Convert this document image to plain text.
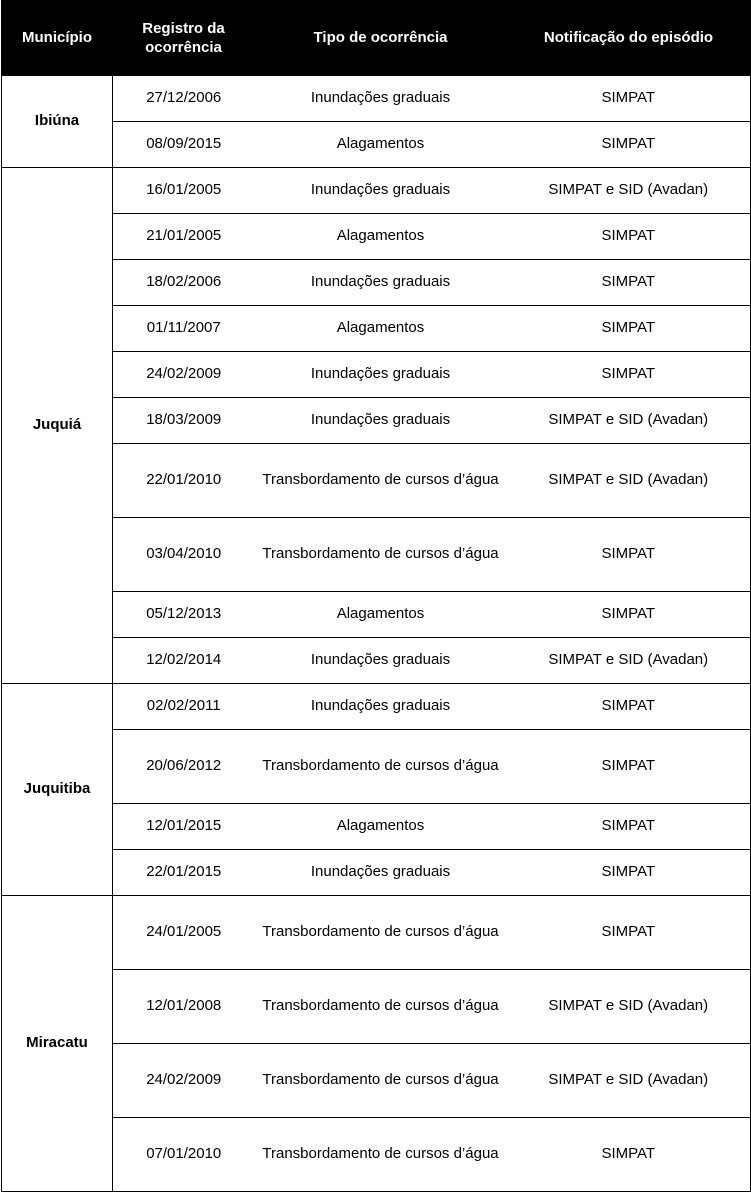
Município	Registro da ocorrência	Tipo de ocorrência	Notificação do episódio
Ibiúna	27/12/2006	Inundações graduais	SIMPAT
	08/09/2015	Alagamentos	SIMPAT
Juquiá	16/01/2005	Inundações graduais	SIMPAT e SID (Avadan)
	21/01/2005	Alagamentos	SIMPAT
	18/02/2006	Inundações graduais	SIMPAT
	01/11/2007	Alagamentos	SIMPAT
	24/02/2009	Inundações graduais	SIMPAT
	18/03/2009	Inundações graduais	SIMPAT e SID (Avadan)
	22/01/2010	Transbordamento de cursos d’água	SIMPAT e SID (Avadan)
	03/04/2010	Transbordamento de cursos d’água	SIMPAT
	05/12/2013	Alagamentos	SIMPAT
	12/02/2014	Inundações graduais	SIMPAT e SID (Avadan)
Juquitiba	02/02/2011	Inundações graduais	SIMPAT
	20/06/2012	Transbordamento de cursos d’água	SIMPAT
	12/01/2015	Alagamentos	SIMPAT
	22/01/2015	Inundações graduais	SIMPAT
Miracatu	24/01/2005	Transbordamento de cursos d’água	SIMPAT
	12/01/2008	Transbordamento de cursos d’água	SIMPAT e SID (Avadan)
	24/02/2009	Transbordamento de cursos d’água	SIMPAT e SID (Avadan)
	07/01/2010	Transbordamento de cursos d’água	SIMPAT
